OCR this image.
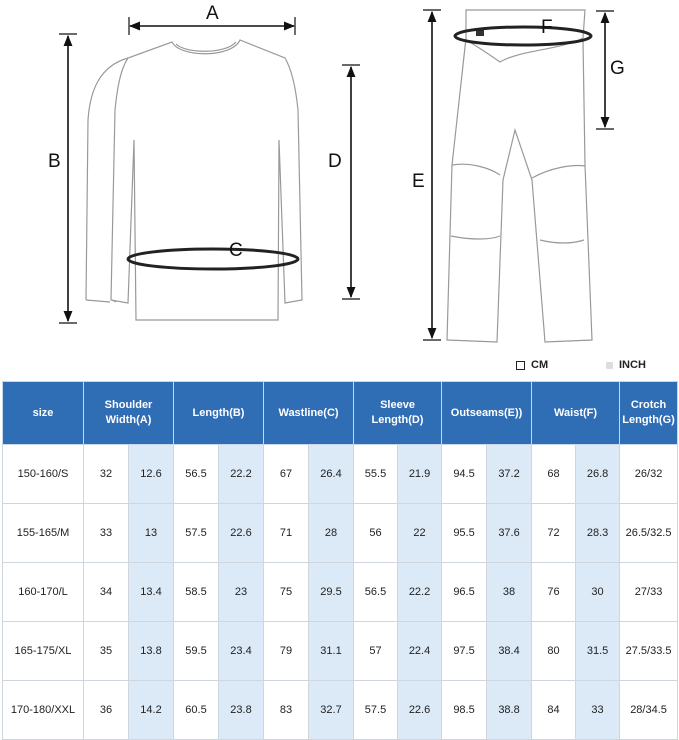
A
B
C
D
E
F
G
CM	INCH
size	Shoulder Width(A)		Length(B)		Wastline(C)		Sleeve Length(D)		Outseams(E))		Waist(F)		Crotch Length(G)
150-160/S	32	12.6	56.5	22.2	67	26.4	55.5	21.9	94.5	37.2	68	26.8	26/32
155-165/M	33	13	57.5	22.6	71	28	56	22	95.5	37.6	72	28.3	26.5/32.5
160-170/L	34	13.4	58.5	23	75	29.5	56.5	22.2	96.5	38	76	30	27/33
165-175/XL	35	13.8	59.5	23.4	79	31.1	57	22.4	97.5	38.4	80	31.5	27.5/33.5
170-180/XXL	36	14.2	60.5	23.8	83	32.7	57.5	22.6	98.5	38.8	84	33	28/34.5
